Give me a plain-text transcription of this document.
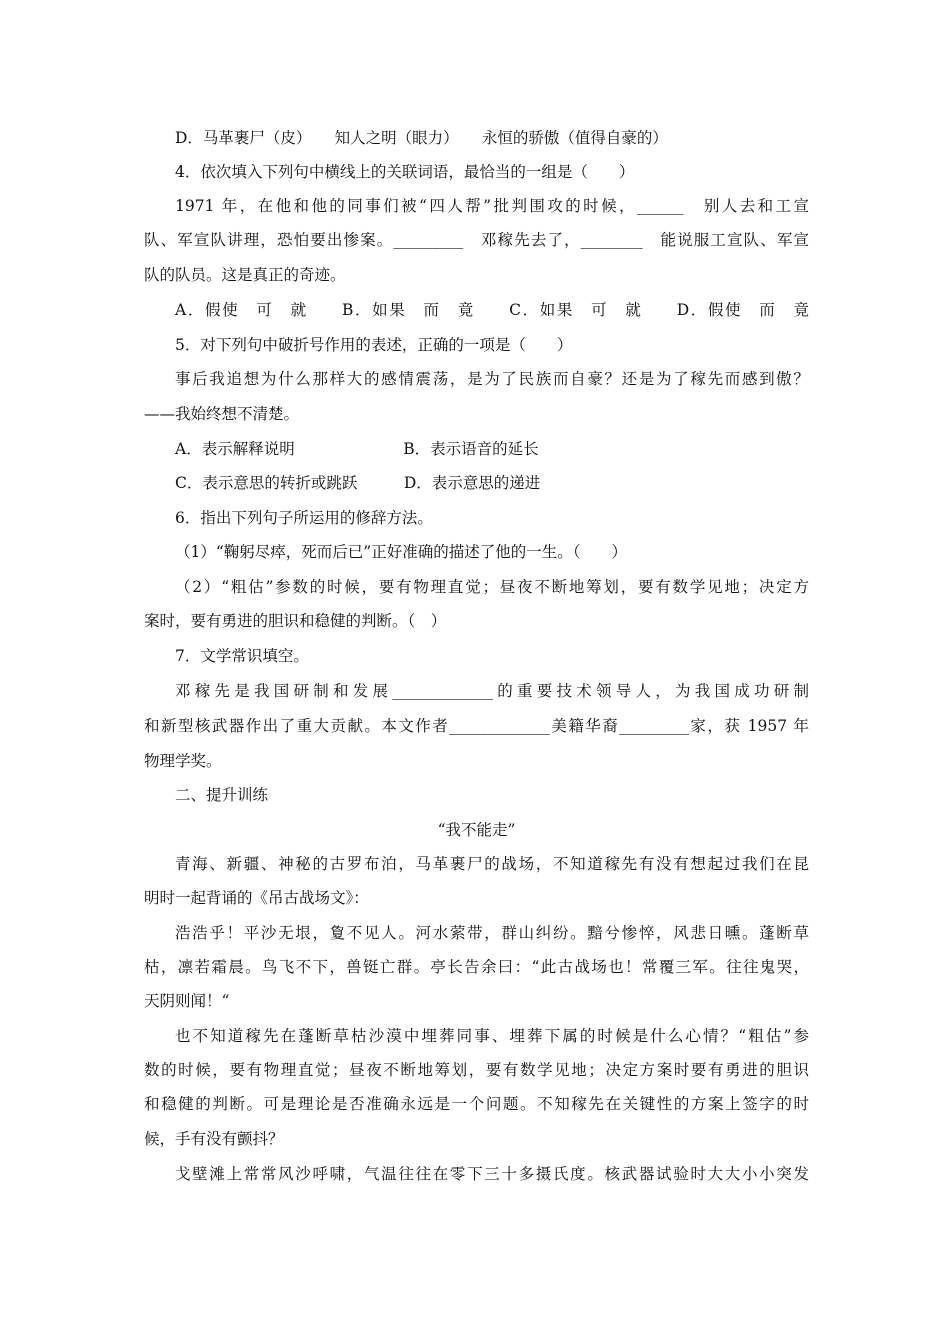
D．马革裹尸（皮）　　知人之明（眼力）　　永恒的骄傲（值得自豪的）
4．依次填入下列句中横线上的关联词语，最恰当的一组是（　　）
1971 年，在他和他的同事们被“四人帮”批判围攻的时候，______　别人去和工宣
队、军宣队讲理，恐怕要出惨案。_________　邓稼先去了，________　能说服工宣队、军宣
队的队员。这是真正的奇迹。
A．假使　可　就　　B．如果　而　竟　　C．如果　可　就　　D．假使　而　竟
5．对下列句中破折号作用的表述，正确的一项是（　　）
事后我追想为什么那样大的感情震荡，是为了民族而自豪？还是为了稼先而感到傲？
——我始终想不清楚。
A．表示解释说明　　　　　　　B．表示语音的延长
C．表示意思的转折或跳跃　　　D．表示意思的递进
6．指出下列句子所运用的修辞方法。
（1）“鞠躬尽瘁，死而后已”正好准确的描述了他的一生。（　　）
（2）“粗估”参数的时候，要有物理直觉；昼夜不断地筹划，要有数学见地；决定方
案时，要有勇进的胆识和稳健的判断。（　）
7．文学常识填空。
邓稼先是我国研制和发展_____________的重要技术领导人，为我国成功研制
和新型核武器作出了重大贡献。本文作者_____________美籍华裔_________家，获 1957 年
物理学奖。
二、提升训练
“我不能走”
青海、新疆、神秘的古罗布泊，马革裹尸的战场，不知道稼先有没有想起过我们在昆
明时一起背诵的《吊古战场文》：
浩浩乎！平沙无垠，夐不见人。河水萦带，群山纠纷。黯兮惨悴，风悲日曛。蓬断草
枯，凛若霜晨。鸟飞不下，兽铤亡群。亭长告余曰：“此古战场也！常覆三军。往往鬼哭，
天阴则闻！“
也不知道稼先在蓬断草枯沙漠中埋葬同事、埋葬下属的时候是什么心情？“粗估”参
数的时候，要有物理直觉；昼夜不断地筹划，要有数学见地；决定方案时要有勇进的胆识
和稳健的判断。可是理论是否准确永远是一个问题。不知稼先在关键性的方案上签字的时
候，手有没有颤抖？
戈壁滩上常常风沙呼啸，气温往往在零下三十多摄氏度。核武器试验时大大小小突发
